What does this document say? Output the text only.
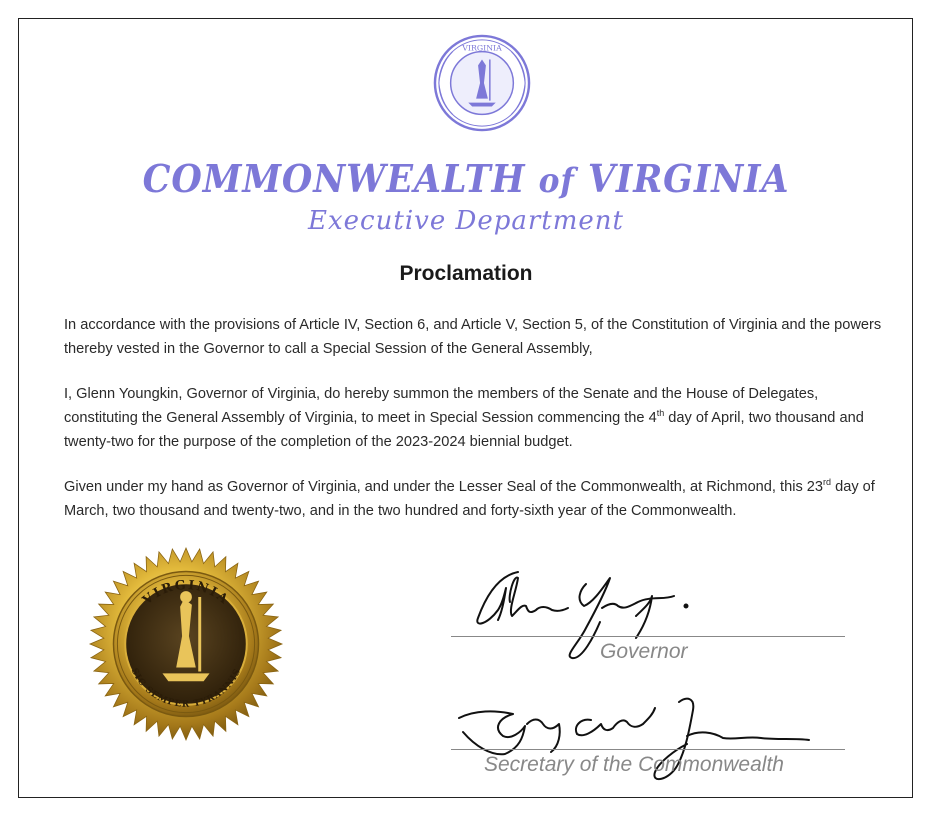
VIRGINIA
COMMONWEALTH of VIRGINIA
Executive Department
Proclamation
In accordance with the provisions of Article IV, Section 6, and Article V, Section 5, of the Constitution of Virginia and the powers thereby vested in the Governor to call a Special Session of the General Assembly,
I, Glenn Youngkin, Governor of Virginia, do hereby summon the members of the Senate and the House of Delegates, constituting the General Assembly of Virginia, to meet in Special Session commencing the 4th day of April, two thousand and twenty-two for the purpose of the completion of the 2023-2024 biennial budget.
Given under my hand as Governor of Virginia, and under the Lesser Seal of the Commonwealth, at Richmond, this 23rd day of March, two thousand and twenty-two, and in the two hundred and forty-sixth year of the Commonwealth.
VIRGINIA
SIC SEMPER TYRANNIS
Governor
Secretary of the Commonwealth
